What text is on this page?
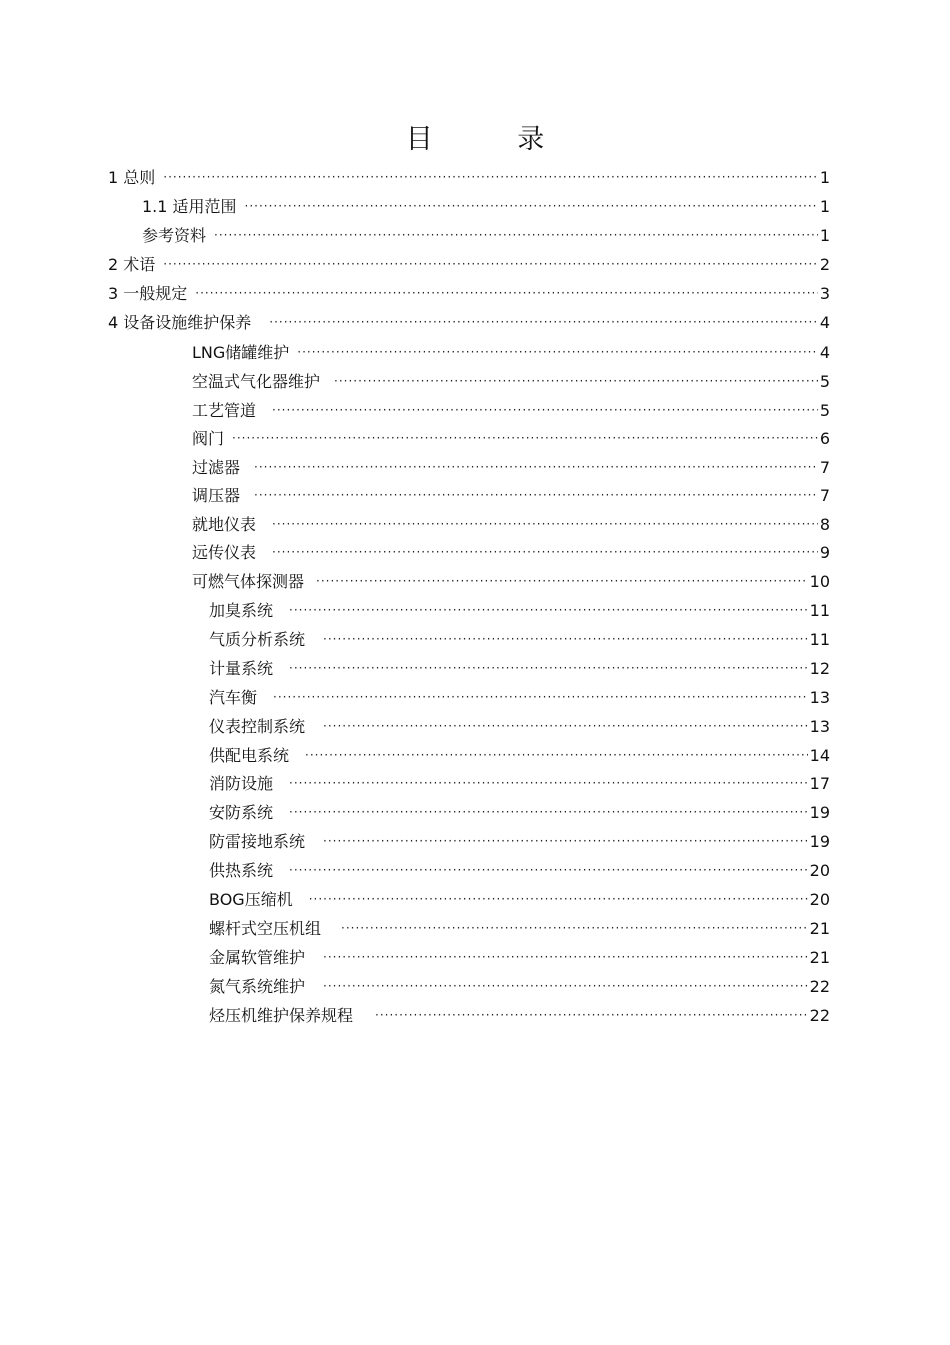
目 录
1 总则 ·····	1
1.1 适用范围 ·····	1
参考资料 ·····	1
2 术语 ·····	2
3 一般规定 ·····	3
4 设备设施维护保养 ·····	4
LNG储罐维护 ·····	4
空温式气化器维护 ·····	5
工艺管道 ·····	5
阀门 ·····	6
过滤器 ·····	7
调压器 ·····	7
就地仪表 ·····	8
远传仪表 ·····	9
可燃气体探测器 ·····	10
加臭系统 ·····	11
气质分析系统 ·····	11
计量系统 ·····	12
汽车衡 ·····	13
仪表控制系统 ·····	13
供配电系统 ·····	14
消防设施 ·····	17
安防系统 ·····	19
防雷接地系统 ·····	19
供热系统 ·····	20
BOG压缩机 ·····	20
螺杆式空压机组 ·····	21
金属软管维护 ·····	21
氮气系统维护 ·····	22
烃压机维护保养规程 ·····	22
